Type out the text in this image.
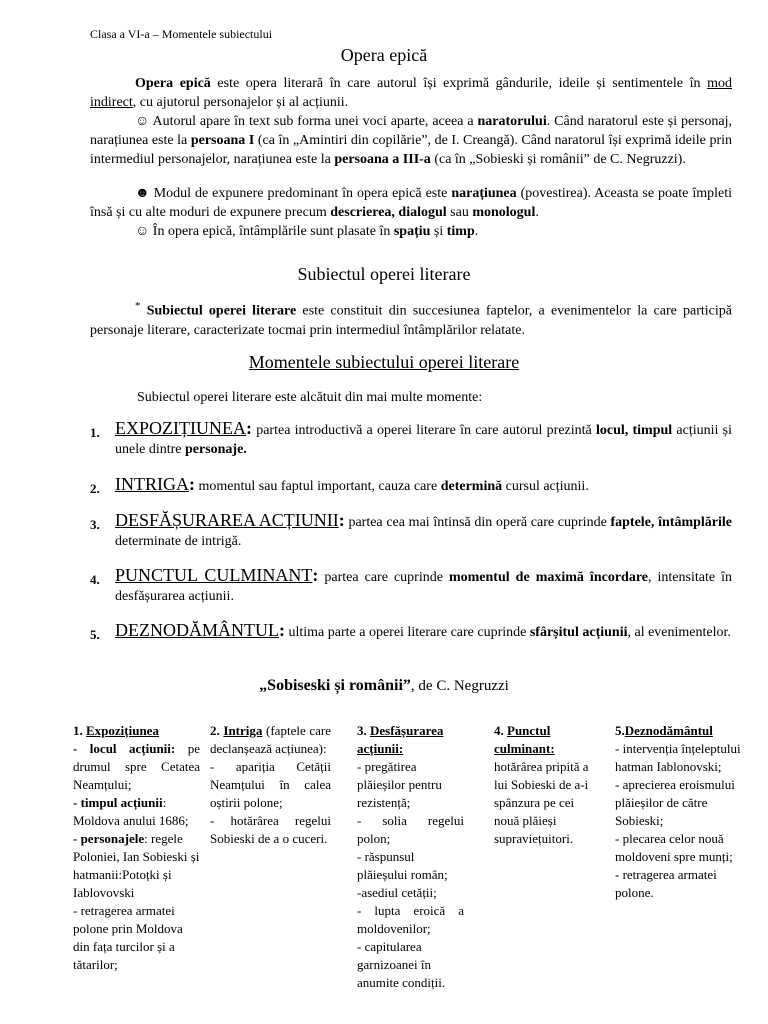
Clasa a VI-a – Momentele subiectului
Opera epică
Opera epică este opera literară în care autorul își exprimă gândurile, ideile și sentimentele în mod indirect, cu ajutorul personajelor și al acțiunii.
☺ Autorul apare în text sub forma unei voci aparte, aceea a naratorului. Când naratorul este și personaj, narațiunea este la persoana I (ca în „Amintiri din copilărie”, de I. Creangă). Când naratorul își exprimă ideile prin intermediul personajelor, narațiunea este la persoana a III-a (ca în „Sobieski și românii” de C. Negruzzi).
☻ Modul de expunere predominant în opera epică este narațiunea (povestirea). Aceasta se poate împleti însă și cu alte moduri de expunere precum descrierea, dialogul sau monologul.
☺ În opera epică, întâmplările sunt plasate în spațiu și timp.
Subiectul operei literare
* Subiectul operei literare este constituit din succesiunea faptelor, a evenimentelor la care participă personaje literare, caracterizate tocmai prin intermediul întâmplărilor relatate.
Momentele subiectului operei literare
Subiectul operei literare este alcătuit din mai multe momente:
1. EXPOZIȚIUNEA: partea introductivă a operei literare în care autorul prezintă locul, timpul acțiunii și unele dintre personaje.
2. INTRIGA: momentul sau faptul important, cauza care determină cursul acțiunii.
3. DESFĂȘURAREA ACȚIUNII: partea cea mai întinsă din operă care cuprinde faptele, întâmplările determinate de intrigă.
4. PUNCTUL CULMINANT: partea care cuprinde momentul de maximă încordare, intensitate în desfășurarea acțiunii.
5. DEZNODĂMÂNTUL: ultima parte a operei literare care cuprinde sfârșitul acțiunii, al evenimentelor.
„Sobiseski și românii”, de C. Negruzzi
1. Expozițiunea
- locul acțiunii: pe drumul spre Cetatea Neamțului;
- timpul acțiunii: Moldova anului 1686;
- personajele: regele Poloniei, Ian Sobieski și hatmanii:Potoțki și Iablovovski
- retragerea armatei polone prin Moldova din fața turcilor și a tătarilor;
2. Intriga (faptele care declanșează acțiunea):
- apariția Cetății Neamțului în calea oștirii polone;
- hotărârea regelui Sobieski de a o cuceri.
3. Desfășurarea acțiunii:
- pregătirea plăieșilor pentru rezistență;
- solia regelui polon;
- răspunsul plăieșului român;
-asediul cetății;
- lupta eroică a moldovenilor;
- capitularea garnizoanei în anumite condiții.
4. Punctul culminant:
hotărârea pripită a lui Sobieski de a-i spânzura pe cei nouă plăieși supraviețuitori.
5.Deznodământul
- intervenția înțeleptului hatman Iablonovski;
- aprecierea eroismului plăieșilor de către Sobieski;
- plecarea celor nouă moldoveni spre munți;
- retragerea armatei polone.
